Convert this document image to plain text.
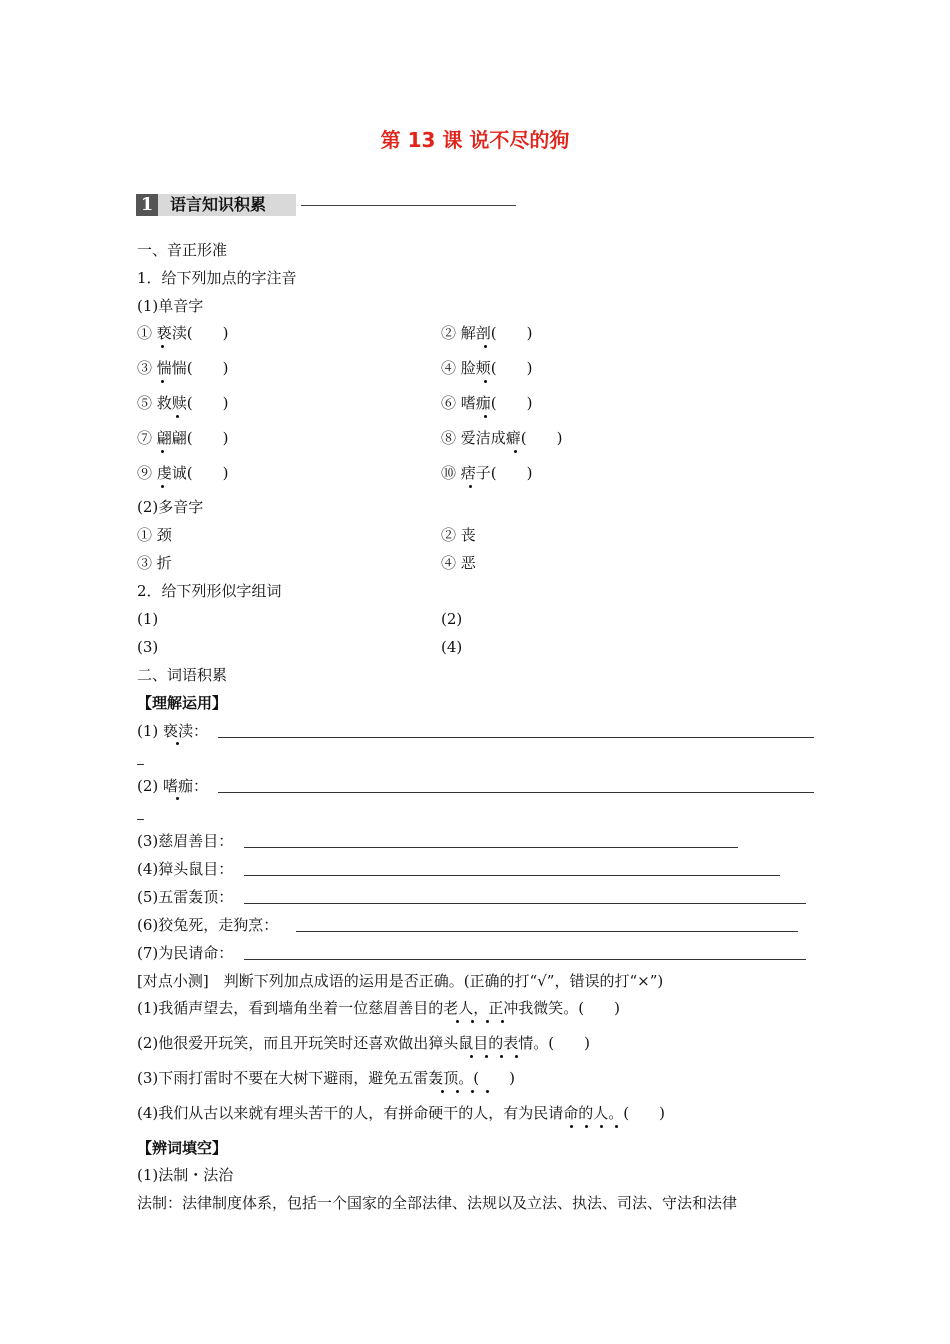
第 13 课 说不尽的狗
1 语言知识积累
一、音正形准
1．给下列加点的字注音
(1)单音字
① 亵渎(　　)	② 解剖(　　)
③ 惴惴(　　)	④ 脸颊(　　)
⑤ 救赎(　　)	⑥ 嗜痂(　　)
⑦ 翩翩(　　)	⑧ 爱洁成癖(　　)
⑨ 虔诚(　　)	⑩ 痞子(　　)
(2)多音字
① 颈	② 丧
③ 折	④ 恶
2．给下列形似字组词
(1)	(2)
(3)	(4)
二、词语积累
【理解运用】
(1) 亵渎：
(2) 嗜痂：
(3)慈眉善目：
(4)獐头鼠目：
(5)五雷轰顶：
(6)狡兔死，走狗烹：
(7)为民请命：
[对点小测]　判断下列加点成语的运用是否正确。(正确的打“√”，错误的打“×”)
(1)我循声望去，看到墙角坐着一位慈眉善目的老人，正冲我微笑。(　　)
(2)他很爱开玩笑，而且开玩笑时还喜欢做出獐头鼠目的表情。(　　)
(3)下雨打雷时不要在大树下避雨，避免五雷轰顶。(　　)
(4)我们从古以来就有埋头苦干的人，有拼命硬干的人，有为民请命的人。(　　)
【辨词填空】
(1)法制・法治
法制：法律制度体系，包括一个国家的全部法律、法规以及立法、执法、司法、守法和法律
